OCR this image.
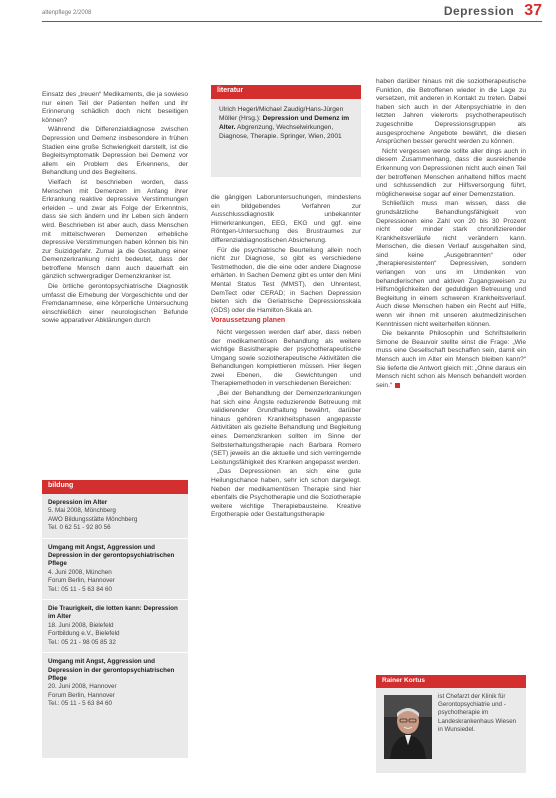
altenpflege 2/2008	Depression 37

Einsatz des „treuen“ Medikaments, die ja sowieso nur einen Teil der Patienten helfen und ihr Erinnerung schädlich doch nicht beseitigen können?

Während die Differenzialdiagnose zwischen Depression und Demenz insbesondere in frühen Stadien eine große Schwierigkeit darstellt, ist die Begleitsymptomatik Depression bei Demenz vor allem ein Problem des Erkennens, der Behandlung und des Begleitens.

Vielfach ist beschrieben worden, dass Menschen mit Demenzen im Anfang ihrer Erkrankung reaktive depressive Verstimmungen erleiden – und zwar als Folge der Erkenntnis, dass sie sich ändern und ihr Leben sich ändern wird. Beschrieben ist aber auch, dass Menschen mit mittelschweren Demenzen erhebliche depressive Verstimmungen haben können bis hin zur Suizidgefahr. Zumal ja die Gestaltung einer Demenzerkrankung nicht bedeutet, dass der betroffene Mensch dann auch dauerhaft ein gänzlich schwergradiger Demenzkranker ist.

Die örtliche gerontopsychiatrische Diagnostik umfasst die Erhebung der Vorgeschichte und der Fremdanamnese, eine körperliche Untersuchung einschließlich einer neurologischen Befunde sowie apparativer Abklärungen durch

literatur
Ulrich Hegerl/Michael Zaudig/Hans-Jürgen Möller (Hrsg.): Depression und Demenz im Alter. Abgrenzung, Wechselwirkungen, Diagnose, Therapie. Springer, Wien, 2001

die gängigen Laboruntersuchungen, mindestens ein bildgebendes Verfahren zur Ausschlussdiagnostik unbekannter Hirnerkrankungen, EEG, EKG und ggf. eine Röntgen-Untersuchung des Brustraumes zur differenzialdiagnostischen Absicherung.

Für die psychiatrische Beurteilung allein noch nicht zur Diagnose, so gibt es verschiedene Testmethoden, die die eine oder andere Diagnose erhärten. In Sachen Demenz gibt es unter den Mini Mental Status Test (MMST), den Uhrentest, DemTect oder CERAD; in Sachen Depression bieten sich die Geriatrische Depressionsskala (GDS) oder die Hamilton-Skala an.

Voraussetzung planen

Nicht vergessen werden darf aber, dass neben der medikamentösen Behandlung als weitere wichtige Basistherapie der psychotherapeutische Umgang sowie soziotherapeutische Aktivitäten die Behandlungen komplettieren müssen. Hier liegen zwei Ebenen, die Gewichtungen und Therapiemethoden in verschiedenen Bereichen:

„Bei der Behandlung der Demenzerkrankungen hat sich eine Ängste reduzierende Betreuung mit validierender Grundhaltung bewährt, darüber hinaus gehören Krankheitsphasen angepasste Aktivitäten als gezielte Behandlung und Begleitung eines Demenzkranken sollten im Sinne der Selbsterhaltungstherapie nach Barbara Romero (SET) jeweils an die aktuelle und sich verringernde Leistungsfähigkeit des Kranken angepasst werden.

„Das Depressionen an sich eine gute Heilungschance haben, sehr ich schon dargelegt. Neben der medikamentösen Therapie sind hier ebenfalls die Psychotherapie und die Soziotherapie weitere wichtige Therapiebausteine. Kreative Ergotherapie oder Gestaltungstherapie

haben darüber hinaus mit die soziotherapeutische Funktion, die Betroffenen wieder in die Lage zu versetzen, mit anderen in Kontakt zu treten. Dabei haben sich auch in der Altenpsychiatrie in den letzten Jahren vielerorts psychotherapeutisch zugeschnitte Depressionsgruppen als ausgesprochene Angebote bewährt, die diesen Ansprüchen besser gerecht werden zu können.

Nicht vergessen werde sollte aller dings auch in diesem Zusammenhang, dass die ausreichende Erkennung von Depressionen nicht auch einen Teil der betroffenen Menschen anhaltend hilflos macht und schlussendlich zur Hilfsversorgung führt, möglicherweise sogar auf einer Demenzstation.

Schließlich muss man wissen, dass die grundsätzliche Behandlungsfähigkeit von Depressionen eine Zahl von 20 bis 30 Prozent nicht oder minder stark chronifizierender Krankheitsverläufe nicht verändern kann. Menschen, die diesen Verlauf ausgehalten sind, sind keine „Ausgebrannten“ oder „therapieresistenten“ Depressiven, sondern verlangen von uns im Umdenken von behandlerischen und aktiven Zugangsweisen zu Hilfsmöglichkeiten der geduldigen Betreuung und Begleitung in einem schweren Krankheitsverlauf. Auch diese Menschen haben ein Recht auf Hilfe, wenn wir ihnen mit unseren akutmedizinischen Kenntnissen nicht weiterhelfen können.

Die bekannte Philosophin und Schriftstellerin Simone de Beauvoir stellte einst die Frage: „Wie muss eine Gesellschaft beschaffen sein, damit ein Mensch auch im Alter ein Mensch bleiben kann?“ Sie lieferte die Antwort gleich mit: „Ohne daraus ein Mensch nicht schon als Mensch behandelt worden sein.“

bildung
Depression im Alter
5. Mai 2008, Mönchberg
AWO Bildungsstätte Mönchberg
Tel. 0 62 51 - 92 80 56
Umgang mit Angst, Aggression und Depression in der gerontopsychiatrischen Pflege
4. Juni 2008, München
Forum Berlin, Hannover
Tel.: 05 11 - 5 63 84 60
Die Traurigkeit, die lotten kann: Depression im Alter
18. Juni 2008, Bielefeld
Fortbildung e.V., Bielefeld
Tel.: 05 21 - 98 05 85 32
Umgang mit Angst, Aggression und Depression in der gerontopsychiatrischen Pflege
20. Juni 2008, Hannover
Forum Berlin, Hannover
Tel.: 05 11 - 5 63 84 60
Rainer Kortus
ist Chefarzt der Klinik für Gerontopsychiatrie und -psychotherapie im Landeskrankenhaus Wiesen in Wunsiedel.
